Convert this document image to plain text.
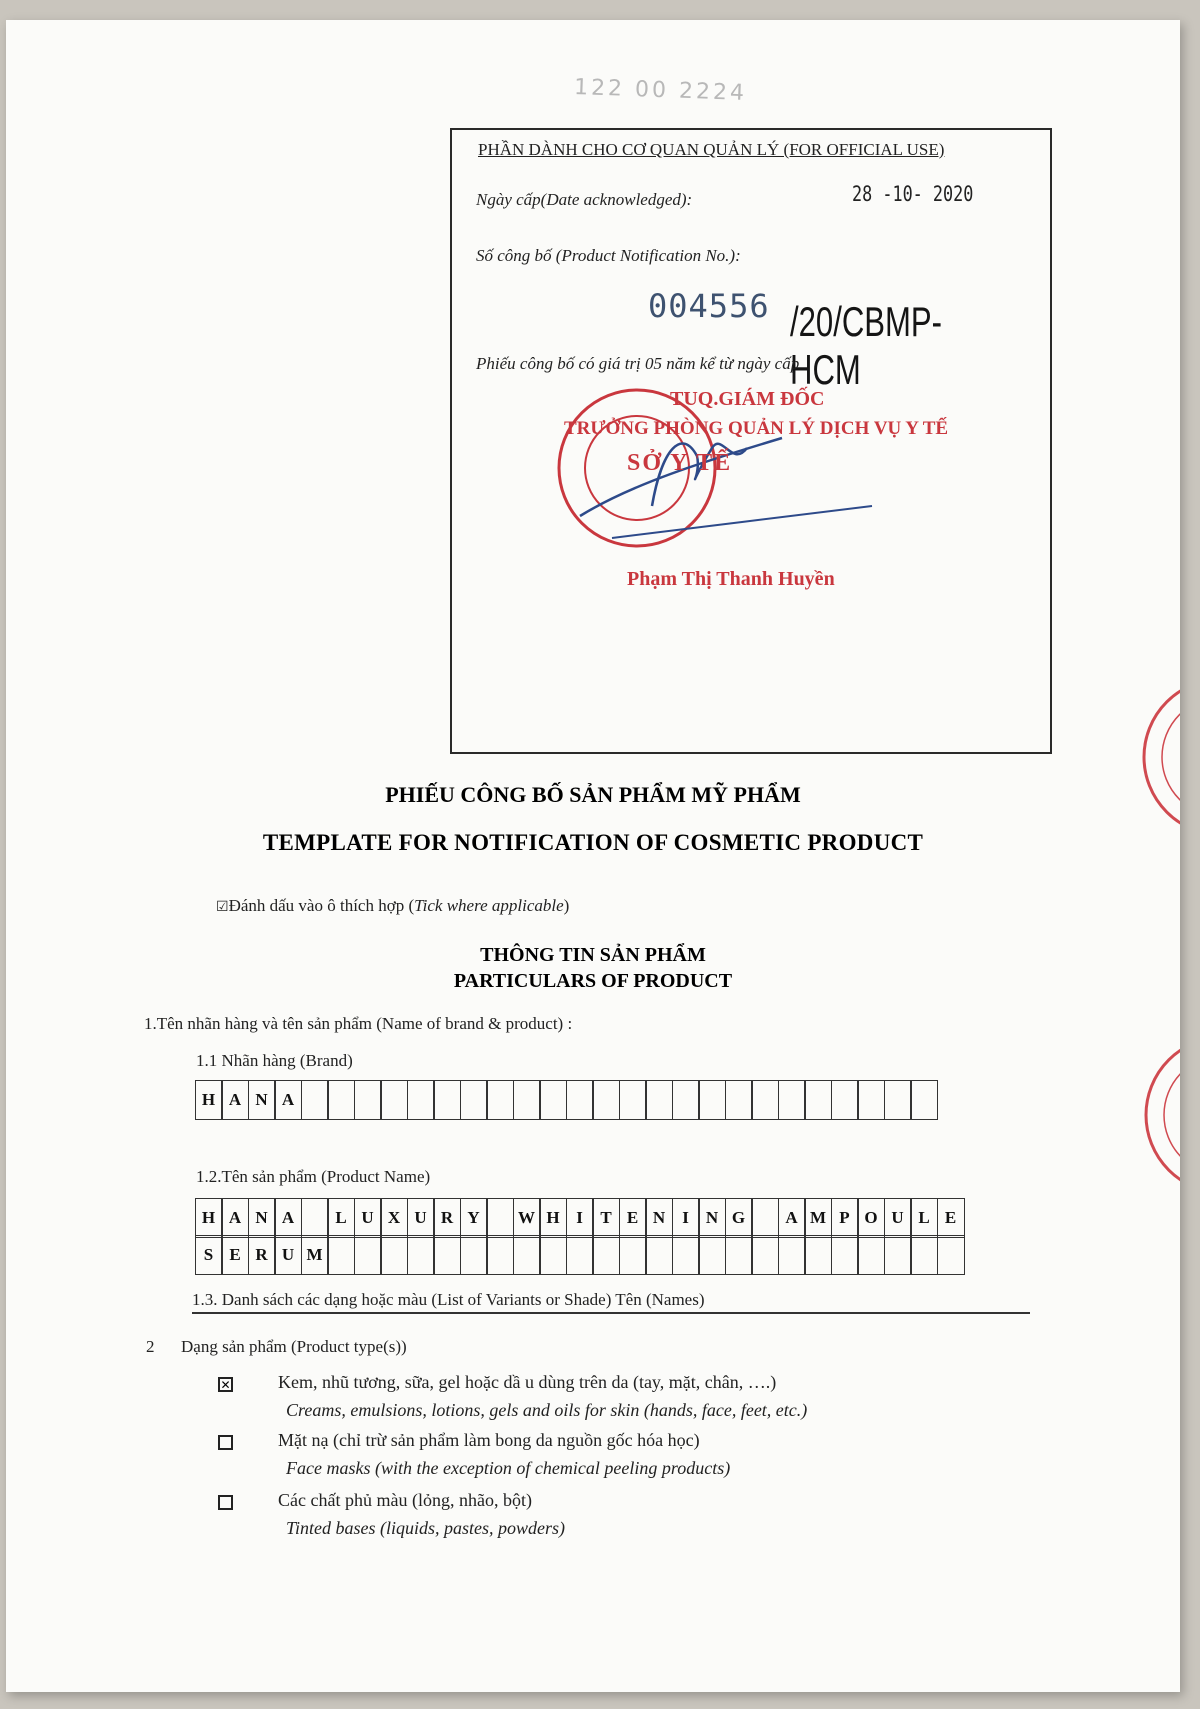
122 00 2224
PHẦN DÀNH CHO CƠ QUAN QUẢN LÝ (FOR OFFICIAL USE)
Ngày cấp(Date acknowledged):	28 -10- 2020
Số công bố (Product Notification No.):
004556 /20/CBMP-HCM
Phiếu công bố có giá trị 05 năm kể từ ngày cấp
TUQ.GIÁM ĐỐC
TRƯỞNG PHÒNG QUẢN LÝ DỊCH VỤ Y TẾ
SỞ Y TẾ
Phạm Thị Thanh Huyền
PHIẾU CÔNG BỐ SẢN PHẨM MỸ PHẨM
TEMPLATE FOR NOTIFICATION OF COSMETIC PRODUCT
☑Đánh dấu vào ô thích hợp (Tick where applicable)
THÔNG TIN SẢN PHẨM
PARTICULARS OF PRODUCT
1.Tên nhãn hàng và tên sản phẩm (Name of brand & product) :
1.1 Nhãn hàng (Brand)
H A N A
1.2.Tên sản phẩm (Product Name)
H A N A	L U X U R Y	W H I	T E N	I	N G	A M P O U L E
S E R U M
1.3. Danh sách các dạng hoặc màu (List of Variants or Shade) Tên (Names)
2 Dạng sản phẩm (Product type(s))
✕	Kem, nhũ tương, sữa, gel hoặc dầ u dùng trên da (tay, mặt, chân, ….)
Creams, emulsions, lotions, gels and oils for skin (hands, face, feet, etc.)
Mặt nạ (chỉ trừ sản phẩm làm bong da nguồn gốc hóa học)
Face masks (with the exception of chemical peeling products)
Các chất phủ màu (lỏng, nhão, bột)
Tinted bases (liquids, pastes, powders)
